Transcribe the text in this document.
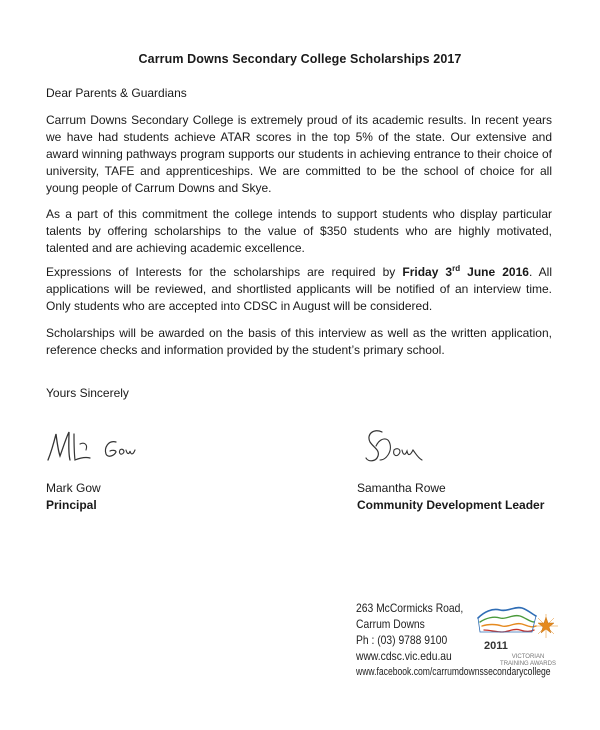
Carrum Downs Secondary College Scholarships 2017
Dear Parents & Guardians

Carrum Downs Secondary College is extremely proud of its academic results. In recent years we have had students achieve ATAR scores in the top 5% of the state. Our extensive and award winning pathways program supports our students in achieving entrance to their choice of university, TAFE and apprenticeships. We are committed to be the school of choice for all young people of Carrum Downs and Skye.

As a part of this commitment the college intends to support students who display particular talents by offering scholarships to the value of $350 students who are highly motivated, talented and are achieving academic excellence.

Expressions of Interests for the scholarships are required by Friday 3rd June 2016. All applications will be reviewed, and shortlisted applicants will be notified of an interview time. Only students who are accepted into CDSC in August will be considered.

Scholarships will be awarded on the basis of this interview as well as the written application, reference checks and information provided by the student’s primary school.

Yours Sincerely
Mark Gow
Principal
Samantha Rowe
Community Development Leader
263 McCormicks Road,
Carrum Downs
Ph : (03) 9788 9100
www.cdsc.vic.edu.au
www.facebook.com/carrumdownssecondarycollege
2011
VICTORIAN TRAINING AWARDS
